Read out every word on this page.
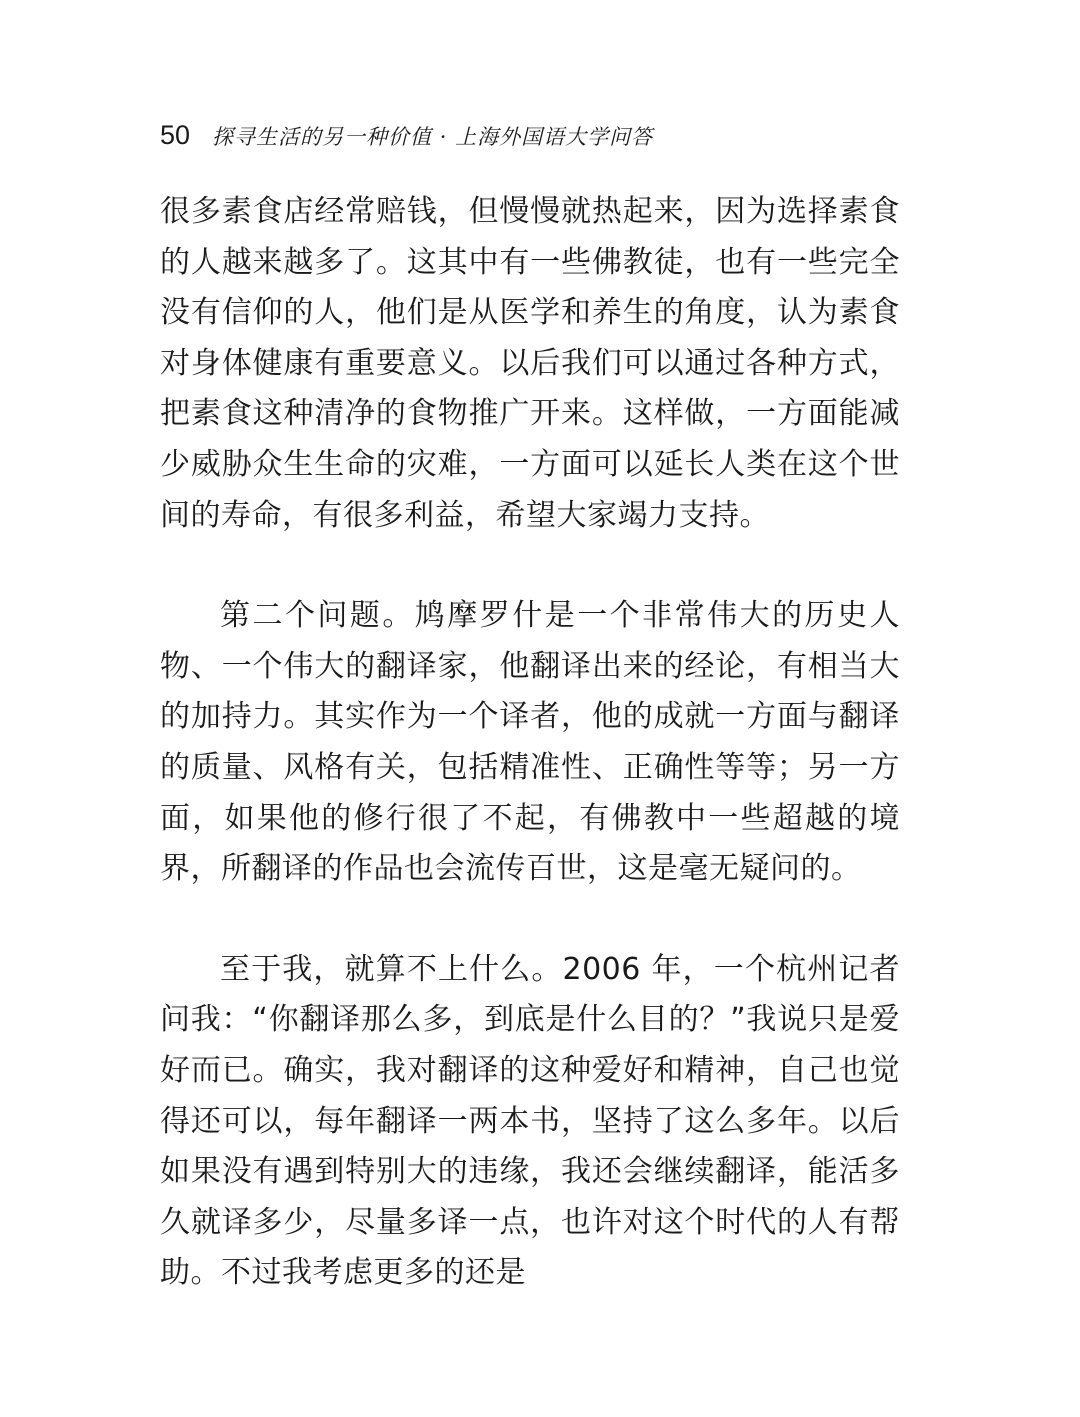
50 探寻生活的另一种价值 · 上海外国语大学问答

很多素食店经常赔钱，但慢慢就热起来，因为选择素食的人越来越多了。这其中有一些佛教徒，也有一些完全没有信仰的人，他们是从医学和养生的角度，认为素食对身体健康有重要意义。以后我们可以通过各种方式，把素食这种清净的食物推广开来。这样做，一方面能减少威胁众生生命的灾难，一方面可以延长人类在这个世间的寿命，有很多利益，希望大家竭力支持。

第二个问题。鸠摩罗什是一个非常伟大的历史人物、一个伟大的翻译家，他翻译出来的经论，有相当大的加持力。其实作为一个译者，他的成就一方面与翻译的质量、风格有关，包括精准性、正确性等等；另一方面，如果他的修行很了不起，有佛教中一些超越的境界，所翻译的作品也会流传百世，这是毫无疑问的。

至于我，就算不上什么。2006 年，一个杭州记者问我：“你翻译那么多，到底是什么目的？”我说只是爱好而已。确实，我对翻译的这种爱好和精神，自己也觉得还可以，每年翻译一两本书，坚持了这么多年。以后如果没有遇到特别大的违缘，我还会继续翻译，能活多久就译多少，尽量多译一点，也许对这个时代的人有帮助。不过我考虑更多的还是
